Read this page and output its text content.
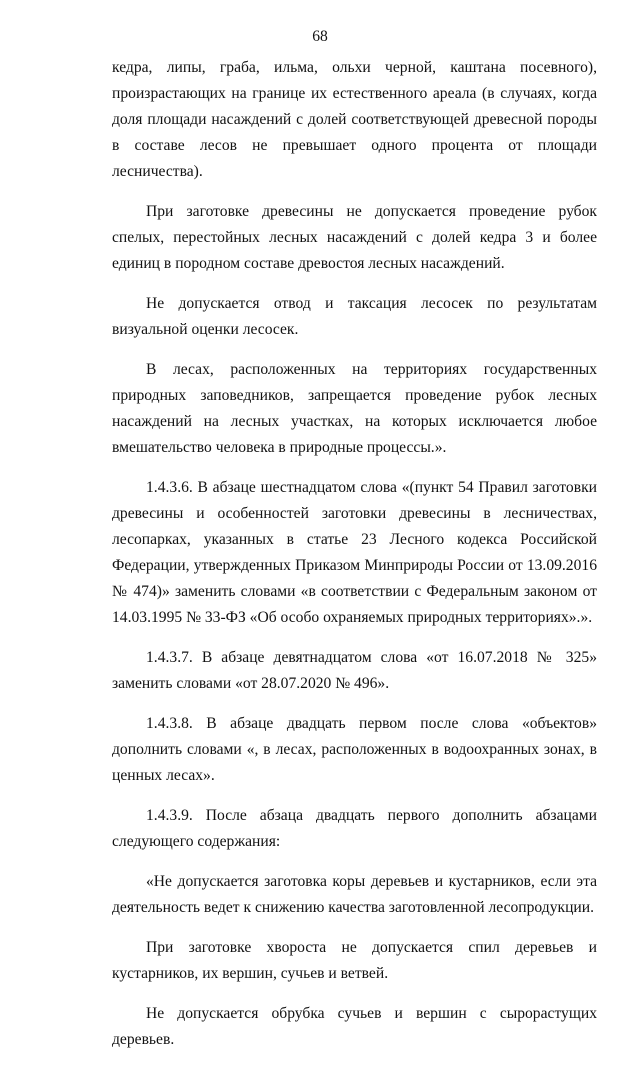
68

кедра, липы, граба, ильма, ольхи черной, каштана посевного), произрастающих на границе их естественного ареала (в случаях, когда доля площади насаждений с долей соответствующей древесной породы в составе лесов не превышает одного процента от площади лесничества).

При заготовке древесины не допускается проведение рубок спелых, перестойных лесных насаждений с долей кедра 3 и более единиц в породном составе древостоя лесных насаждений.

Не допускается отвод и таксация лесосек по результатам визуальной оценки лесосек.

В лесах, расположенных на территориях государственных природных заповедников, запрещается проведение рубок лесных насаждений на лесных участках, на которых исключается любое вмешательство человека в природные процессы.».

1.4.3.6. В абзаце шестнадцатом слова «(пункт 54 Правил заготовки древесины и особенностей заготовки древесины в лесничествах, лесопарках, указанных в статье 23 Лесного кодекса Российской Федерации, утвержденных Приказом Минприроды России от 13.09.2016 № 474)» заменить словами «в соответствии с Федеральным законом от 14.03.1995 № 33-ФЗ «Об особо охраняемых природных территориях».».

1.4.3.7. В абзаце девятнадцатом слова «от 16.07.2018 № 325» заменить словами «от 28.07.2020 № 496».

1.4.3.8. В абзаце двадцать первом после слова «объектов» дополнить словами «, в лесах, расположенных в водоохранных зонах, в ценных лесах».

1.4.3.9. После абзаца двадцать первого дополнить абзацами следующего содержания:

«Не допускается заготовка коры деревьев и кустарников, если эта деятельность ведет к снижению качества заготовленной лесопродукции.

При заготовке хвороста не допускается спил деревьев и кустарников, их вершин, сучьев и ветвей.

Не допускается обрубка сучьев и вершин с сырорастущих деревьев.
